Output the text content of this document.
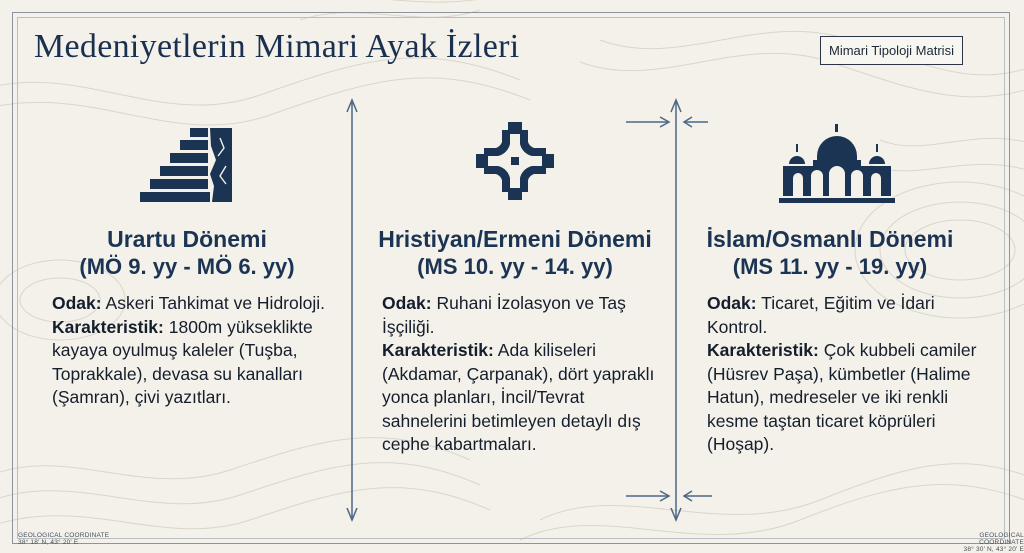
Medeniyetlerin Mimari Ayak İzleri	Mimari Tipoloji Matrisi
Urartu Dönemi
(MÖ 9. yy - MÖ 6. yy)
Odak: Askeri Tahkimat ve Hidroloji.
Karakteristik: 1800m yükseklikte kayaya oyulmuş kaleler (Tuşba, Toprakkale), devasa su kanalları (Şamran), çivi yazıtları.
Hristiyan/Ermeni Dönemi
(MS 10. yy - 14. yy)
Odak: Ruhani İzolasyon ve Taş İşçiliği.
Karakteristik: Ada kiliseleri (Akdamar, Çarpanak), dört yapraklı yonca planları, İncil/Tevrat sahnelerini betimleyen detaylı dış cephe kabartmaları.
İslam/Osmanlı Dönemi
(MS 11. yy - 19. yy)
Odak: Ticaret, Eğitim ve İdari Kontrol.
Karakteristik: Çok kubbeli camiler (Hüsrev Paşa), kümbetler (Halime Hatun), medreseler ve iki renkli kesme taştan ticaret köprüleri (Hoşap).
GEOLOGICAL COORDINATE
38° 18' N, 43° 20' E
GEOLOGICAL COORDINATE
38° 30' N, 43° 20' E
